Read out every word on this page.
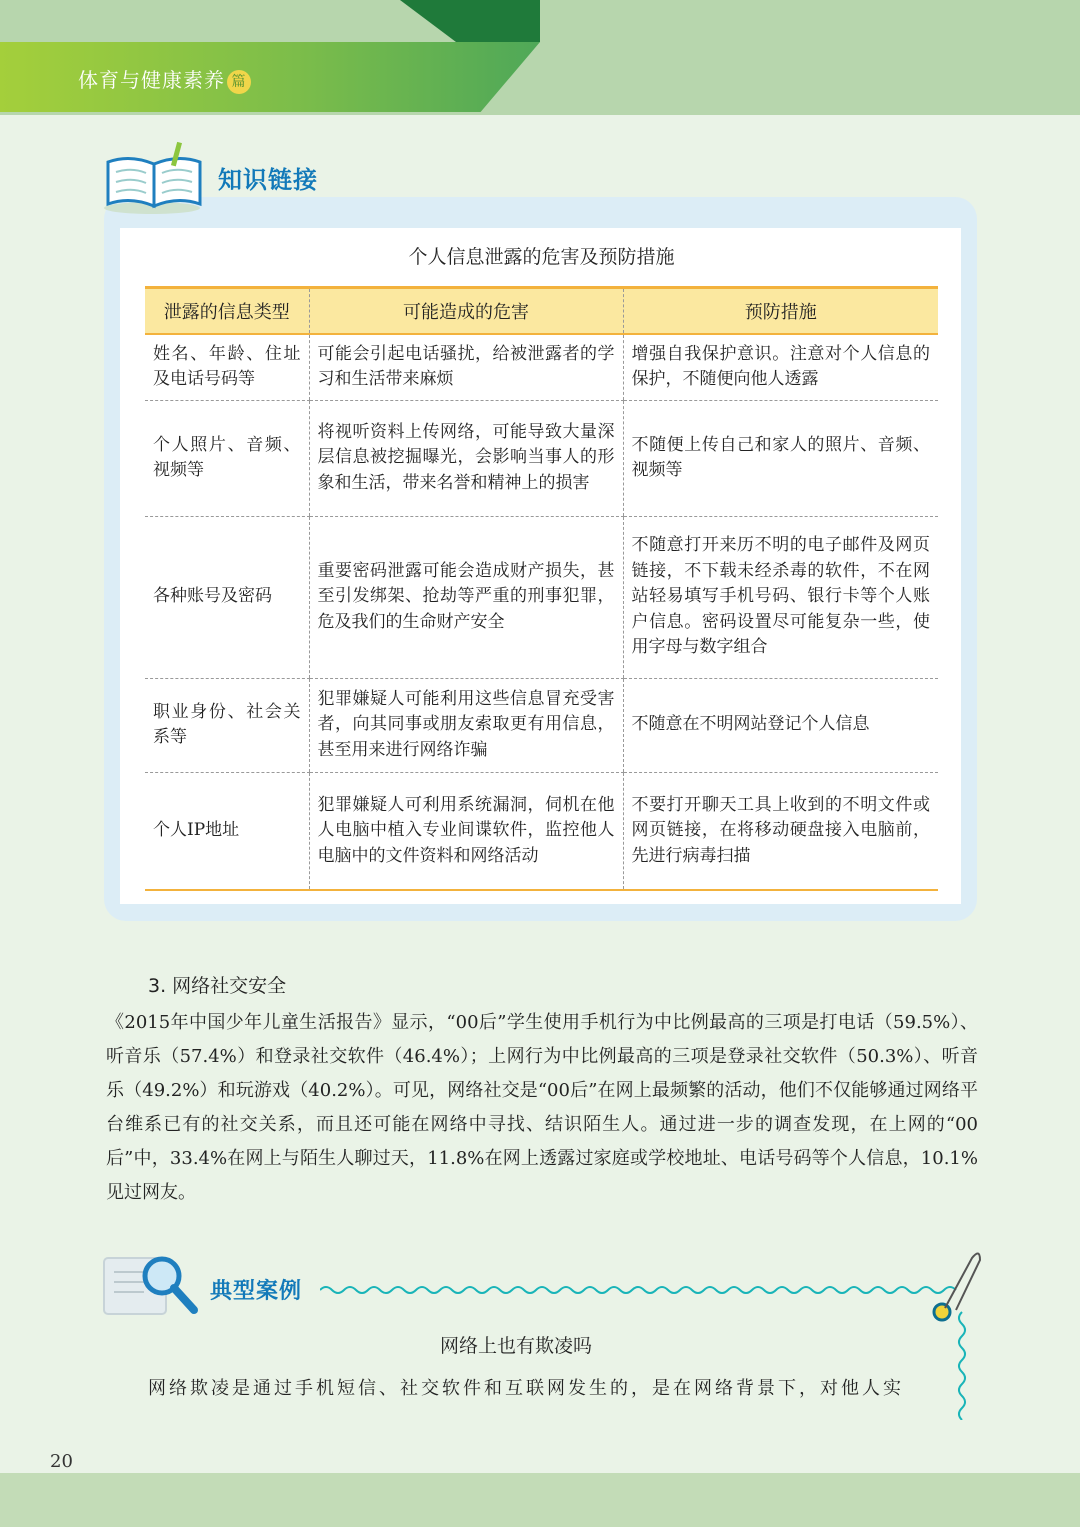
体育与健康素养 篇
知识链接
个人信息泄露的危害及预防措施
泄露的信息类型	可能造成的危害	预防措施
姓名、年龄、住址及电话号码等	可能会引起电话骚扰，给被泄露者的学习和生活带来麻烦	增强自我保护意识。注意对个人信息的保护，不随便向他人透露
个人照片、音频、视频等	将视听资料上传网络，可能导致大量深层信息被挖掘曝光，会影响当事人的形象和生活，带来名誉和精神上的损害	不随便上传自己和家人的照片、音频、视频等
各种账号及密码	重要密码泄露可能会造成财产损失，甚至引发绑架、抢劫等严重的刑事犯罪，危及我们的生命财产安全	不随意打开来历不明的电子邮件及网页链接，不下载未经杀毒的软件，不在网站轻易填写手机号码、银行卡等个人账户信息。密码设置尽可能复杂一些，使用字母与数字组合
职业身份、社会关系等	犯罪嫌疑人可能利用这些信息冒充受害者，向其同事或朋友索取更有用信息，甚至用来进行网络诈骗	不随意在不明网站登记个人信息
个人IP地址	犯罪嫌疑人可利用系统漏洞，伺机在他人电脑中植入专业间谍软件，监控他人电脑中的文件资料和网络活动	不要打开聊天工具上收到的不明文件或网页链接，在将移动硬盘接入电脑前，先进行病毒扫描
3. 网络社交安全

《2015年中国少年儿童生活报告》显示，“00后”学生使用手机行为中比例最高的三项是打电话（59.5%）、听音乐（57.4%）和登录社交软件（46.4%）；上网行为中比例最高的三项是登录社交软件（50.3%）、听音乐（49.2%）和玩游戏（40.2%）。可见，网络社交是“00后”在网上最频繁的活动，他们不仅能够通过网络平台维系已有的社交关系，而且还可能在网络中寻找、结识陌生人。通过进一步的调查发现，在上网的“00后”中，33.4%在网上与陌生人聊过天，11.8%在网上透露过家庭或学校地址、电话号码等个人信息，10.1%见过网友。

典型案例
网络上也有欺凌吗
网络欺凌是通过手机短信、社交软件和互联网发生的，是在网络背景下，对他人实
20
